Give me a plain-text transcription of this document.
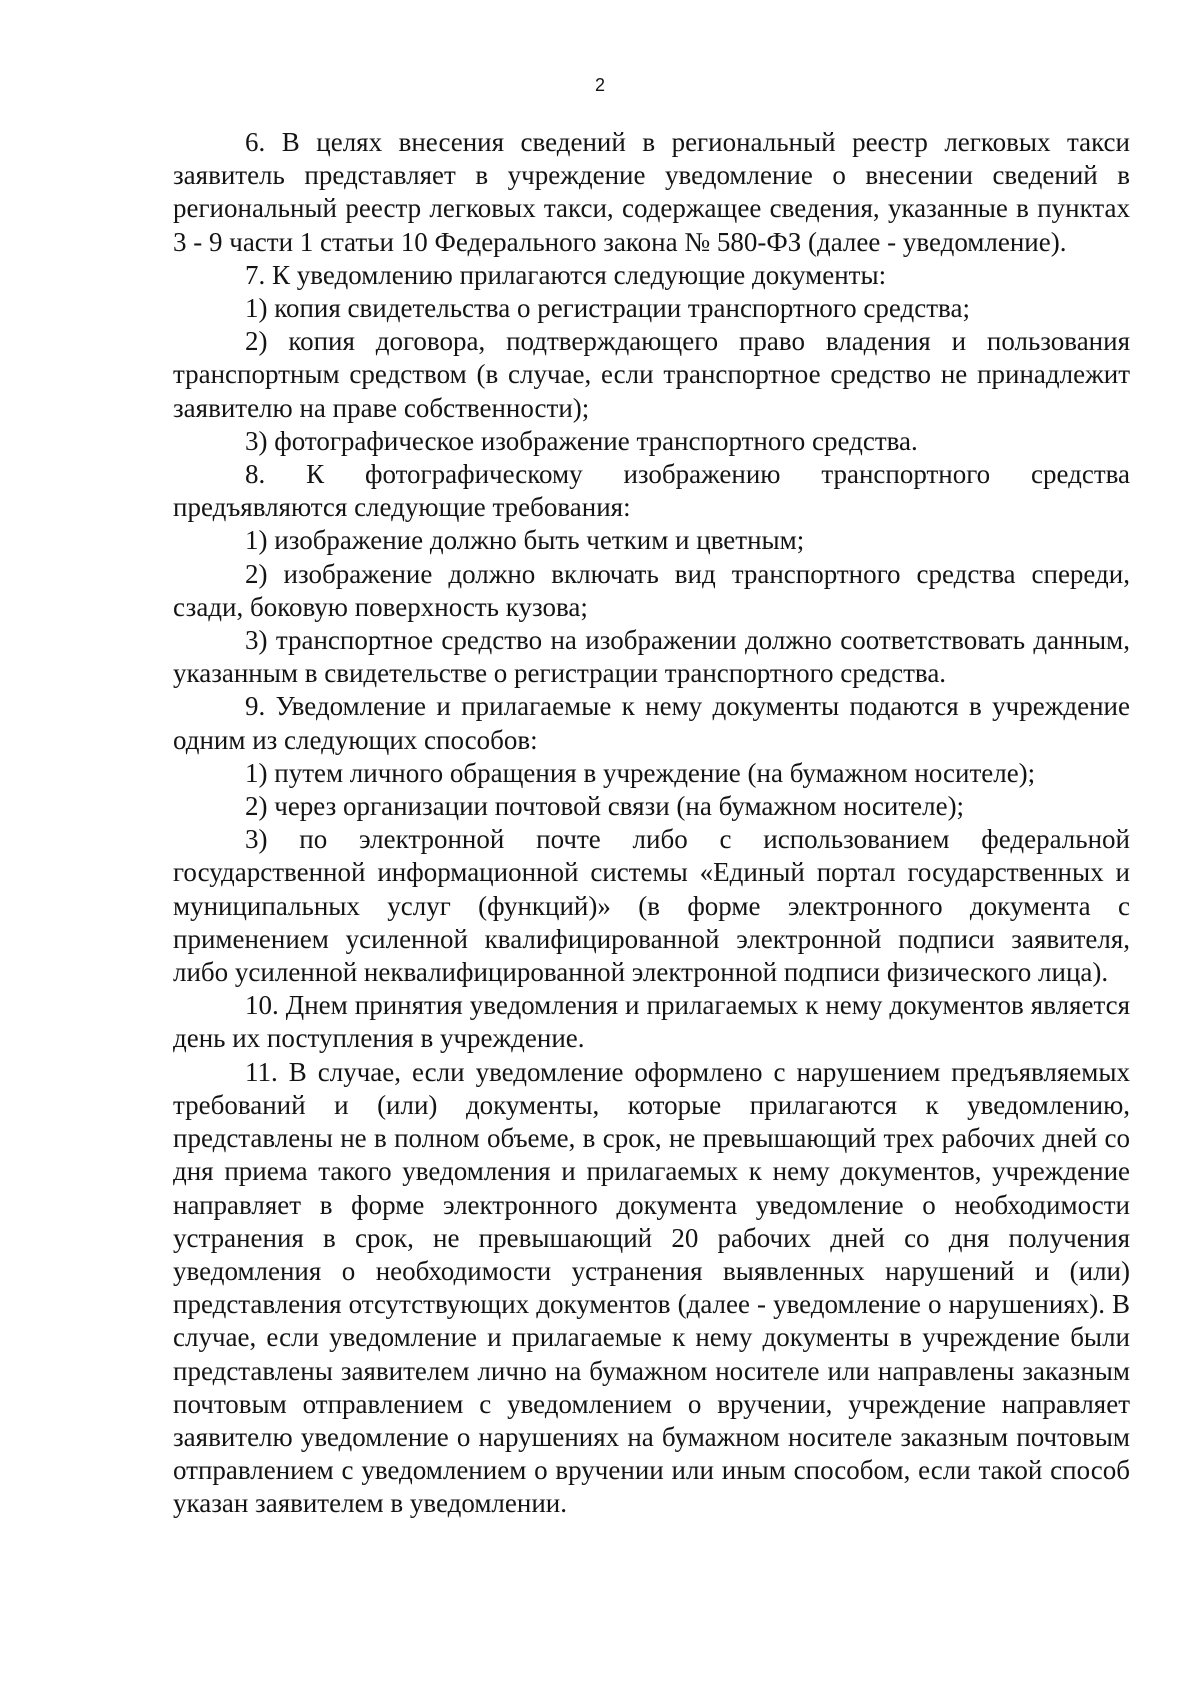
2

6. В целях внесения сведений в региональный реестр легковых такси заявитель представляет в учреждение уведомление о внесении сведений в региональный реестр легковых такси, содержащее сведения, указанные в пунктах 3 - 9 части 1 статьи 10 Федерального закона № 580-ФЗ (далее - уведомление).

7. К уведомлению прилагаются следующие документы:

1) копия свидетельства о регистрации транспортного средства;

2) копия договора, подтверждающего право владения и пользования транспортным средством (в случае, если транспортное средство не принадлежит заявителю на праве собственности);

3) фотографическое изображение транспортного средства.

8. К фотографическому изображению транспортного средства предъявляются следующие требования:

1) изображение должно быть четким и цветным;

2) изображение должно включать вид транспортного средства спереди, сзади, боковую поверхность кузова;

3) транспортное средство на изображении должно соответствовать данным, указанным в свидетельстве о регистрации транспортного средства.

9. Уведомление и прилагаемые к нему документы подаются в учреждение одним из следующих способов:

1) путем личного обращения в учреждение (на бумажном носителе);

2) через организации почтовой связи (на бумажном носителе);

3) по электронной почте либо с использованием федеральной государственной информационной системы «Единый портал государственных и муниципальных услуг (функций)» (в форме электронного документа с применением усиленной квалифицированной электронной подписи заявителя, либо усиленной неквалифицированной электронной подписи физического лица).

10. Днем принятия уведомления и прилагаемых к нему документов является день их поступления в учреждение.

11. В случае, если уведомление оформлено с нарушением предъявляемых требований и (или) документы, которые прилагаются к уведомлению, представлены не в полном объеме, в срок, не превышающий трех рабочих дней со дня приема такого уведомления и прилагаемых к нему документов, учреждение направляет в форме электронного документа уведомление о необходимости устранения в срок, не превышающий 20 рабочих дней со дня получения уведомления о необходимости устранения выявленных нарушений и (или) представления отсутствующих документов (далее - уведомление о нарушениях). В случае, если уведомление и прилагаемые к нему документы в учреждение были представлены заявителем лично на бумажном носителе или направлены заказным почтовым отправлением с уведомлением о вручении, учреждение направляет заявителю уведомление о нарушениях на бумажном носителе заказным почтовым отправлением с уведомлением о вручении или иным способом, если такой способ указан заявителем в уведомлении.
